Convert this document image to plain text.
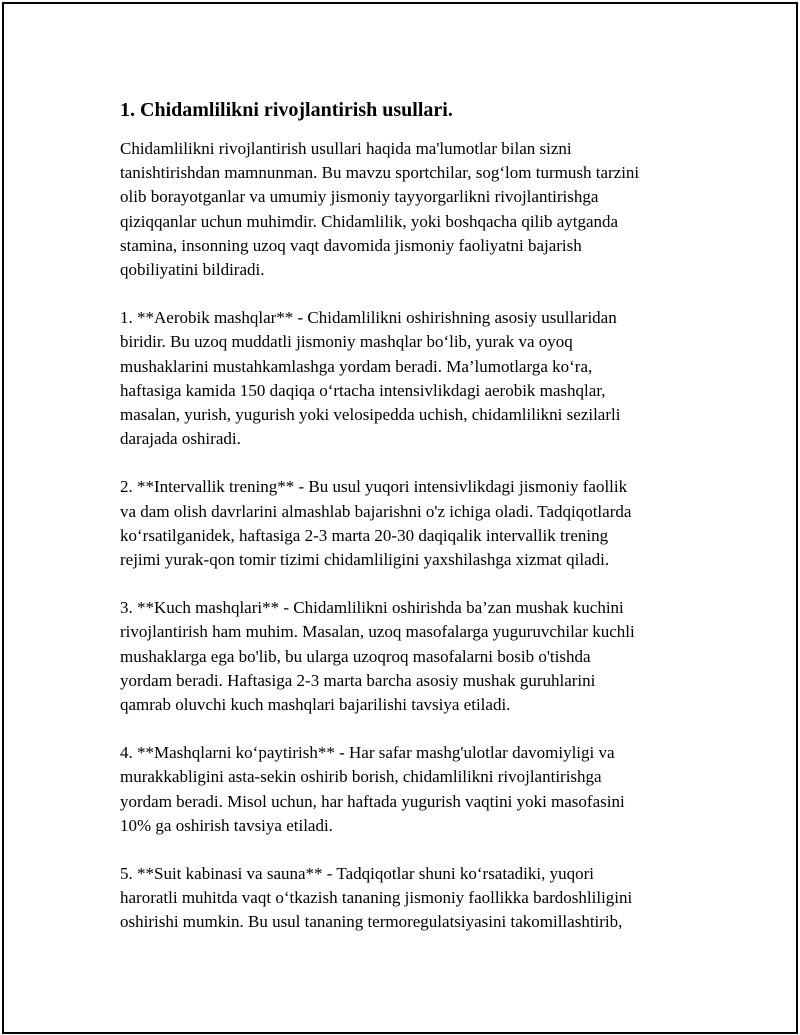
1. Chidamlilikni rivojlantirish usullari.

Chidamlilikni rivojlantirish usullari haqida ma'lumotlar bilan sizni
tanishtirishdan mamnunman. Bu mavzu sportchilar, sog‘lom turmush tarzini
olib borayotganlar va umumiy jismoniy tayyorgarlikni rivojlantirishga
qiziqqanlar uchun muhimdir. Chidamlilik, yoki boshqacha qilib aytganda
stamina, insonning uzoq vaqt davomida jismoniy faoliyatni bajarish
qobiliyatini bildiradi.

1. **Aerobik mashqlar** - Chidamlilikni oshirishning asosiy usullaridan
biridir. Bu uzoq muddatli jismoniy mashqlar bo‘lib, yurak va oyoq
mushaklarini mustahkamlashga yordam beradi. Ma’lumotlarga ko‘ra,
haftasiga kamida 150 daqiqa o‘rtacha intensivlikdagi aerobik mashqlar,
masalan, yurish, yugurish yoki velosipedda uchish, chidamlilikni sezilarli
darajada oshiradi.

2. **Intervallik trening** - Bu usul yuqori intensivlikdagi jismoniy faollik
va dam olish davrlarini almashlab bajarishni o'z ichiga oladi. Tadqiqotlarda
ko‘rsatilganidek, haftasiga 2-3 marta 20-30 daqiqalik intervallik trening
rejimi yurak-qon tomir tizimi chidamliligini yaxshilashga xizmat qiladi.

3. **Kuch mashqlari** - Chidamlilikni oshirishda ba’zan mushak kuchini
rivojlantirish ham muhim. Masalan, uzoq masofalarga yuguruvchilar kuchli
mushaklarga ega bo'lib, bu ularga uzoqroq masofalarni bosib o'tishda
yordam beradi. Haftasiga 2-3 marta barcha asosiy mushak guruhlarini
qamrab oluvchi kuch mashqlari bajarilishi tavsiya etiladi.

4. **Mashqlarni ko‘paytirish** - Har safar mashg'ulotlar davomiyligi va
murakkabligini asta-sekin oshirib borish, chidamlilikni rivojlantirishga
yordam beradi. Misol uchun, har haftada yugurish vaqtini yoki masofasini
10% ga oshirish tavsiya etiladi.

5. **Suit kabinasi va sauna** - Tadqiqotlar shuni ko‘rsatadiki, yuqori
haroratli muhitda vaqt o‘tkazish tananing jismoniy faollikka bardoshliligini
oshirishi mumkin. Bu usul tananing termoregulatsiyasini takomillashtirib,
